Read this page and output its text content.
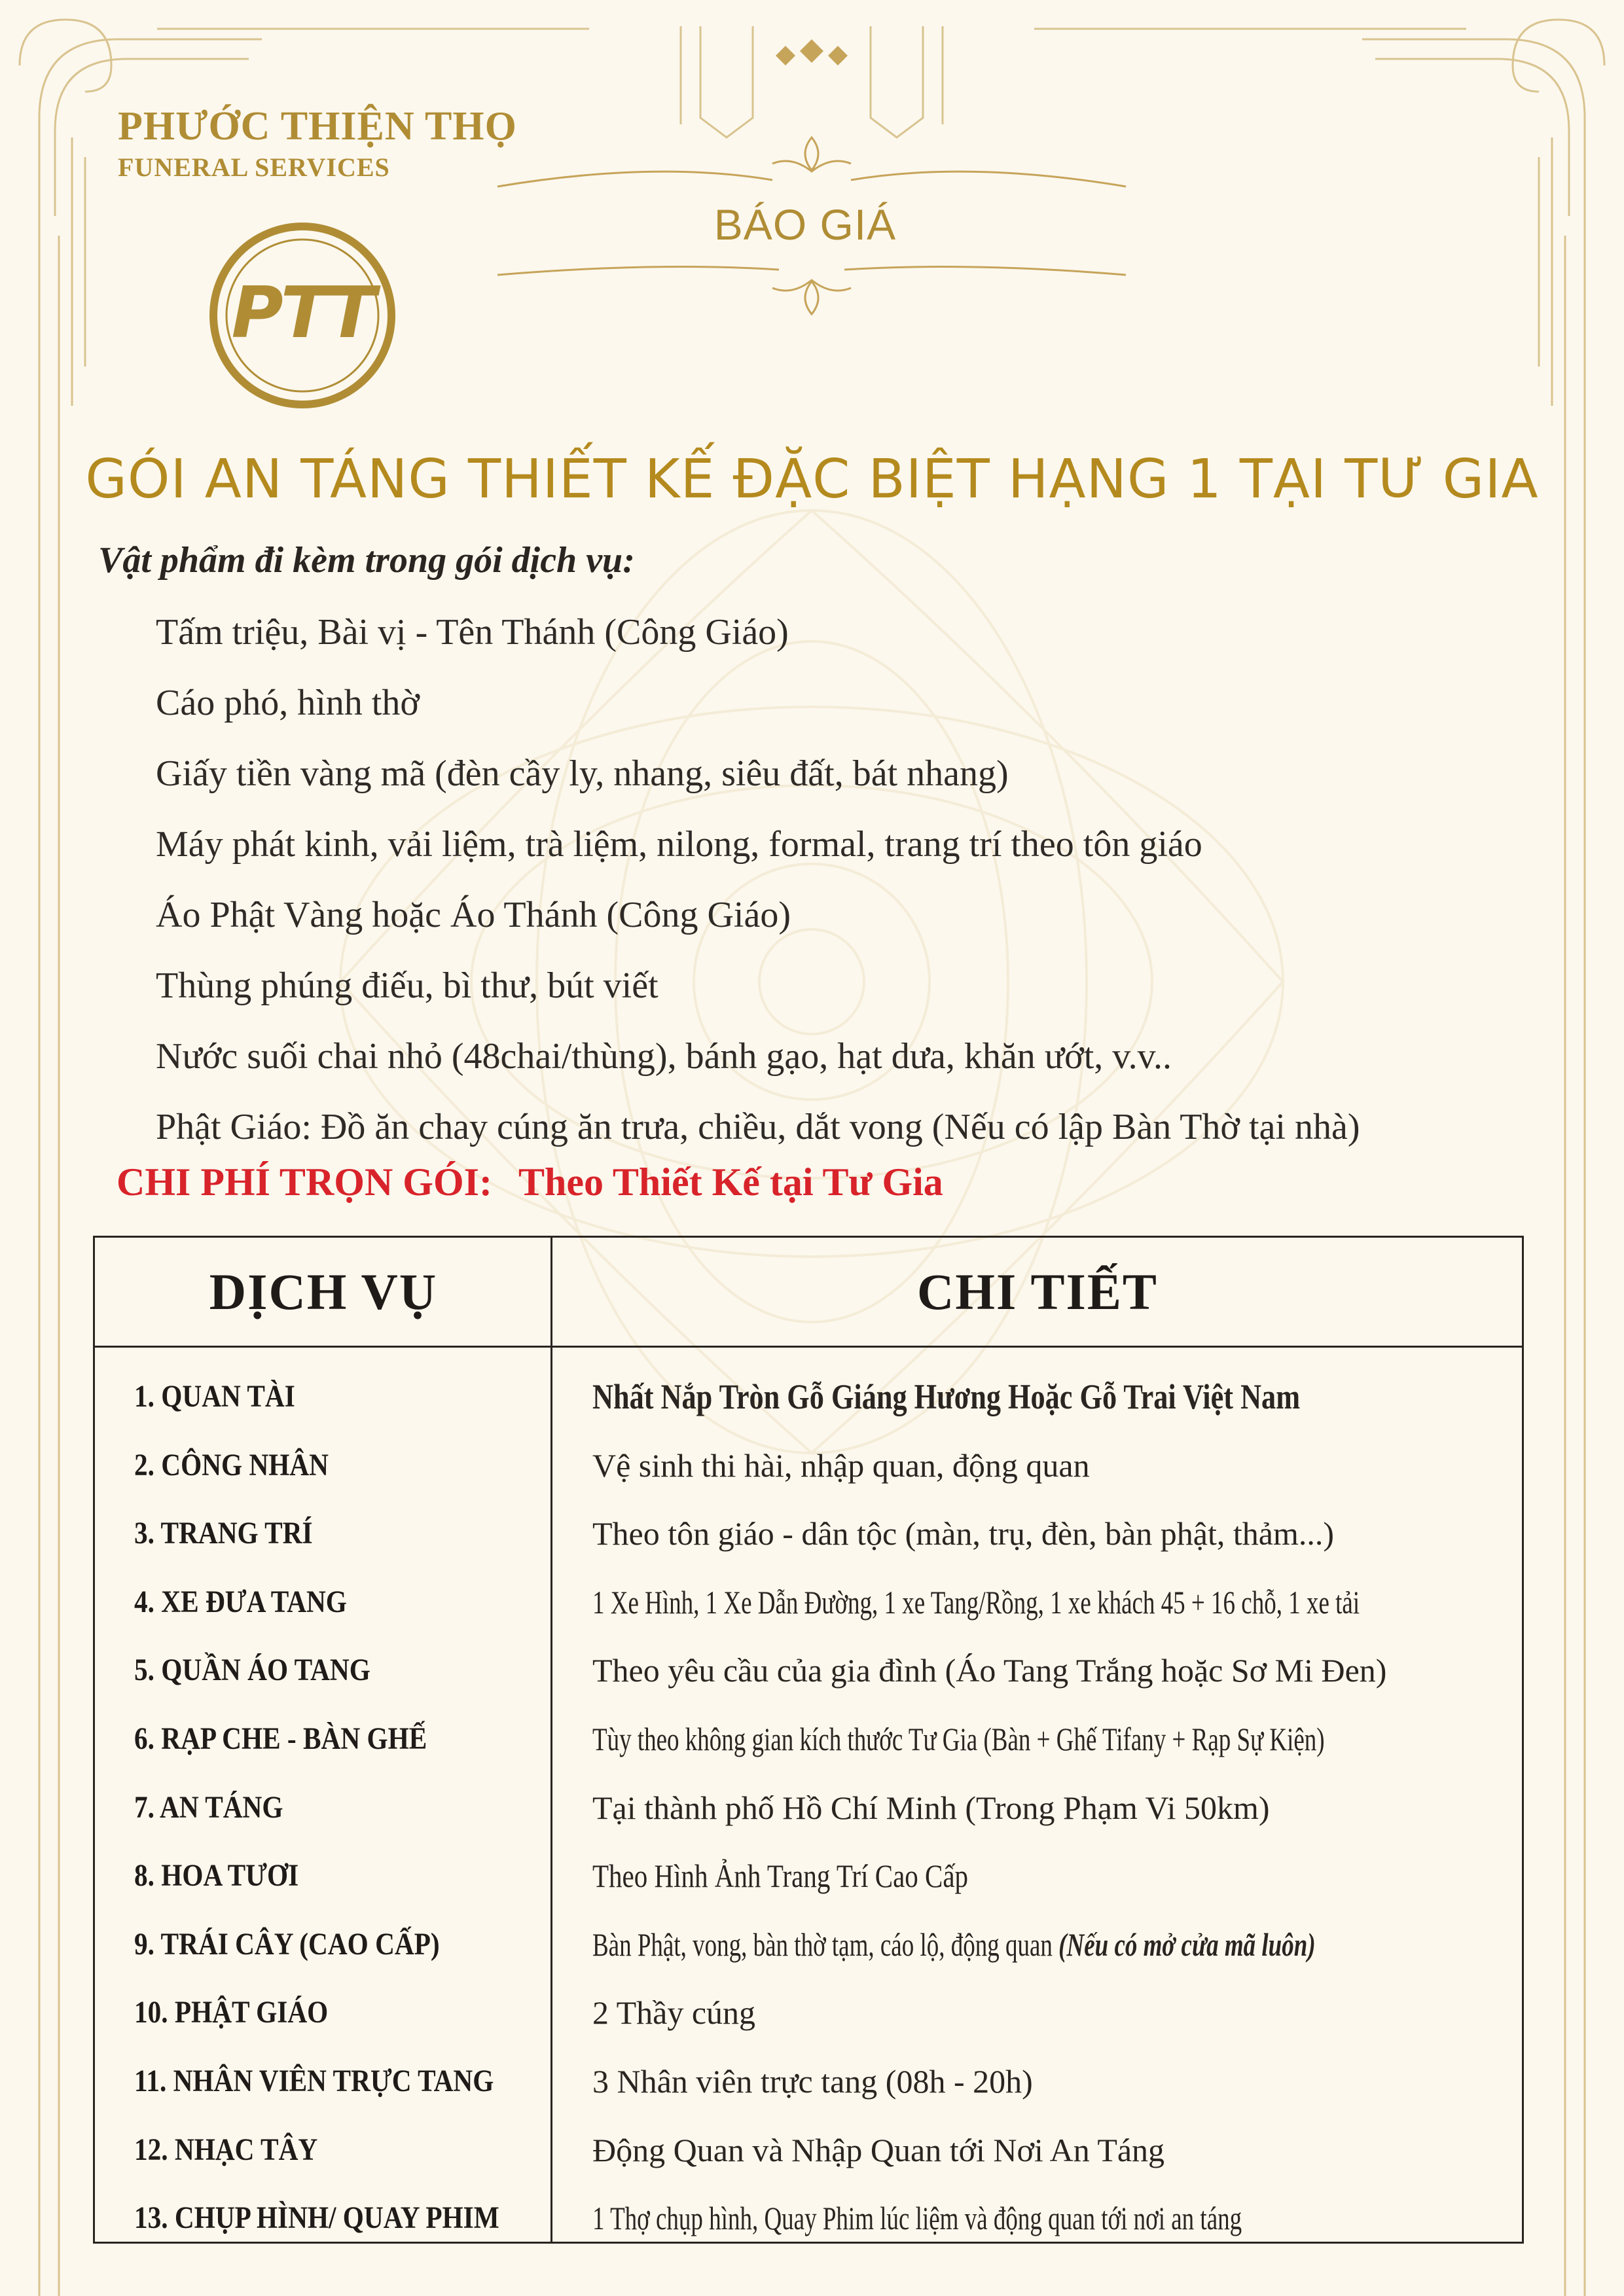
PHƯỚC THIỆN THỌ
FUNERAL SERVICES
PTT
BÁO GIÁ
GÓI AN TÁNG THIẾT KẾ ĐẶC BIỆT HẠNG 1 TẠI TƯ GIA
Vật phẩm đi kèm trong gói dịch vụ:
Tấm triệu, Bài vị - Tên Thánh (Công Giáo)
Cáo phó, hình thờ
Giấy tiền vàng mã (đèn cầy ly, nhang, siêu đất, bát nhang)
Máy phát kinh, vải liệm, trà liệm, nilong, formal, trang trí theo tôn giáo
Áo Phật Vàng hoặc Áo Thánh (Công Giáo)
Thùng phúng điếu, bì thư, bút viết
Nước suối chai nhỏ (48chai/thùng), bánh gạo, hạt dưa, khăn ướt, v.v..
Phật Giáo: Đồ ăn chay cúng ăn trưa, chiều, dắt vong (Nếu có lập Bàn Thờ tại nhà)
CHI PHÍ TRỌN GÓI: Theo Thiết Kế tại Tư Gia
DỊCH VỤ	CHI TIẾT
1. QUAN TÀI	Nhất Nắp Tròn Gỗ Giáng Hương Hoặc Gỗ Trai Việt Nam
2. CÔNG NHÂN	Vệ sinh thi hài, nhập quan, động quan
3. TRANG TRÍ	Theo tôn giáo - dân tộc (màn, trụ, đèn, bàn phật, thảm...)
4. XE ĐƯA TANG	1 Xe Hình, 1 Xe Dẫn Đường, 1 xe Tang/Rồng, 1 xe khách 45 + 16 chỗ, 1 xe tải
5. QUẦN ÁO TANG	Theo yêu cầu của gia đình (Áo Tang Trắng hoặc Sơ Mi Đen)
6. RẠP CHE - BÀN GHẾ	Tùy theo không gian kích thước Tư Gia (Bàn + Ghế Tifany + Rạp Sự Kiện)
7. AN TÁNG	Tại thành phố Hồ Chí Minh (Trong Phạm Vi 50km)
8. HOA TƯƠI	Theo Hình Ảnh Trang Trí Cao Cấp
9. TRÁI CÂY (CAO CẤP)	Bàn Phật, vong, bàn thờ tạm, cáo lộ, động quan (Nếu có mở cửa mã luôn)
10. PHẬT GIÁO	2 Thầy cúng
11. NHÂN VIÊN TRỰC TANG	3 Nhân viên trực tang (08h - 20h)
12. NHẠC TÂY	Động Quan và Nhập Quan tới Nơi An Táng
13. CHỤP HÌNH/ QUAY PHIM	1 Thợ chụp hình, Quay Phim lúc liệm và động quan tới nơi an táng
